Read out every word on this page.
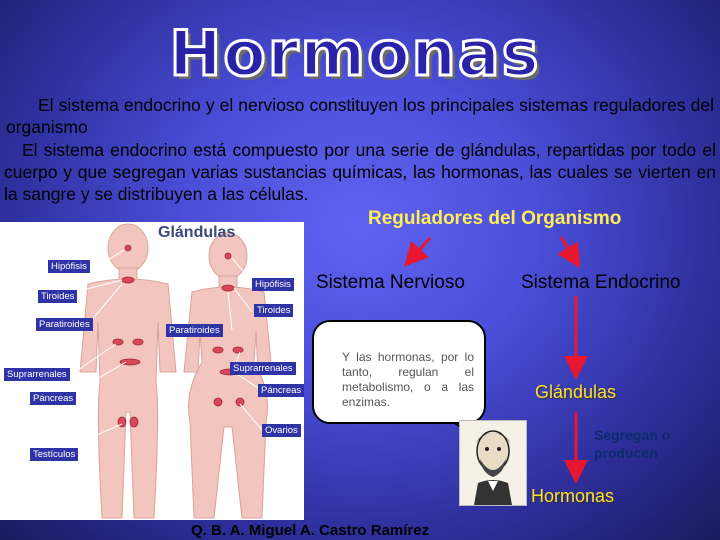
Hormonas
El sistema endocrino y el nervioso constituyen los principales sistemas reguladores del organismo
El sistema endocrino está compuesto por una serie de glándulas, repartidas por todo el cuerpo y que segregan varias sustancias químicas, las hormonas, las cuales se vierten en la sangre y se distribuyen a las células.
Reguladores del Organismo
Hipófisis
Tiroides
Paratiroides
Suprarrenales
Páncreas
Testículos
Hipófisis
Tiroides
Paratiroides
Suprarrenales
Páncreas
Ovarios
Glándulas
Sistema Nervioso	Sistema Endocrino
Y las hormonas, por lo tanto, regulan el metabolismo, o a las enzimas.	Glándulas
Segregan o producen
Hormonas
Q. B. A. Miguel A. Castro Ramírez
